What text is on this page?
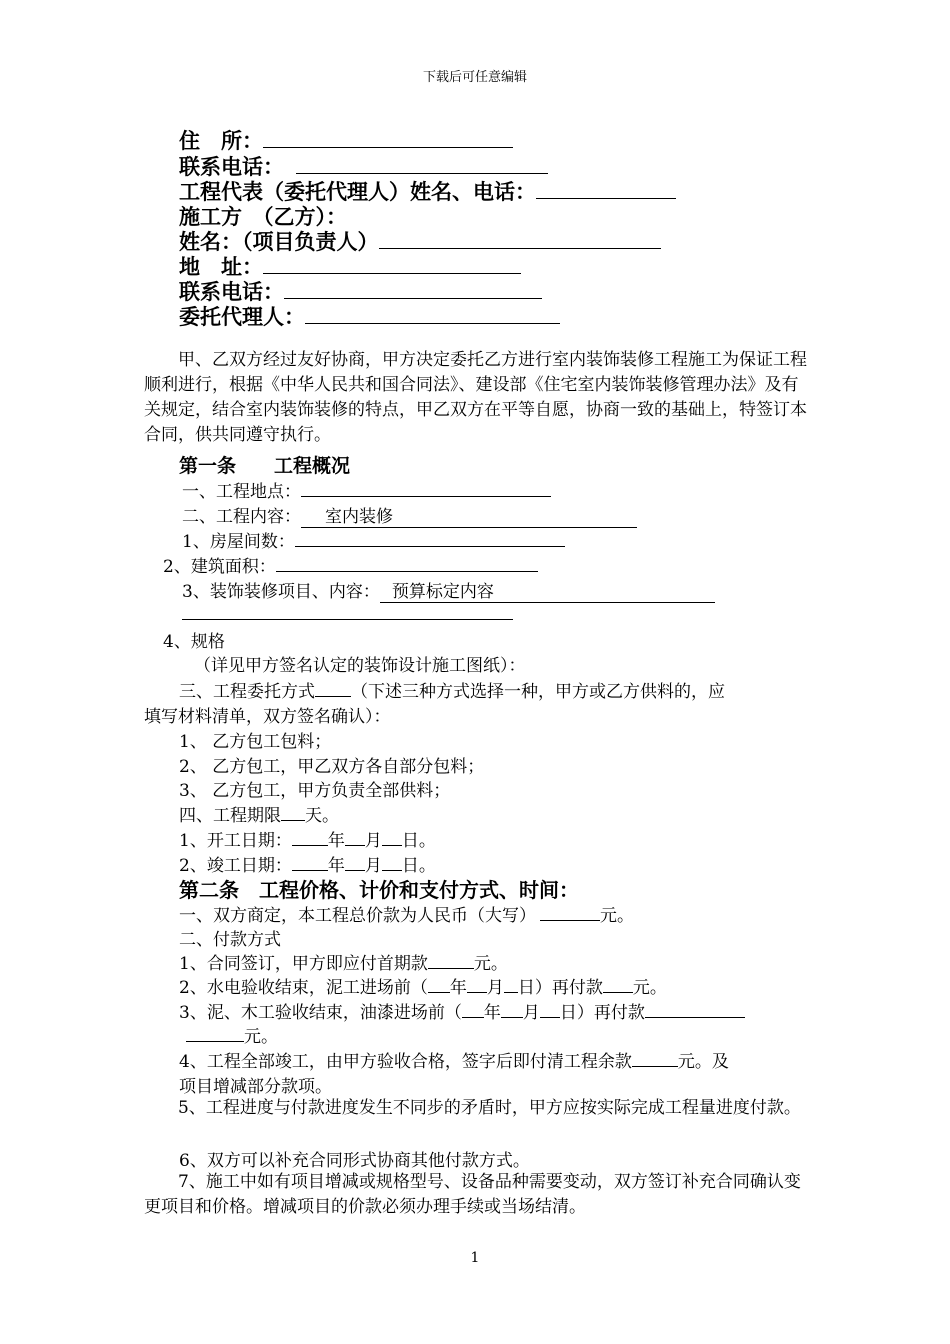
下载后可任意编辑
住　所：
联系电话：
工程代表（委托代理人）姓名、电话：
施工方　（乙方）：
姓名：（项目负责人）
地　址：
联系电话：
委托代理人：
甲、乙双方经过友好协商，甲方决定委托乙方进行室内装饰装修工程施工为保证工程顺利进行，根据《中华人民共和国合同法》、建设部《住宅室内装饰装修管理办法》及有关规定，结合室内装饰装修的特点，甲乙双方在平等自愿，协商一致的基础上，特签订本合同，供共同遵守执行。
第一条　　工程概况
一、工程地点：
二、工程内容： 室内装修
1、房屋间数：
2、建筑面积：
3、装饰装修项目、内容： 预算标定内容
4、规格
（详见甲方签名认定的装饰设计施工图纸）：
三、工程委托方式 （下述三种方式选择一种，甲方或乙方供料的，应
填写材料清单，双方签名确认）：
1、 乙方包工包料；
2、 乙方包工，甲乙双方各自部分包料；
3、 乙方包工，甲方负责全部供料；
四、工程期限 天。
1、开工日期： 年 月 日。
2、竣工日期： 年 月 日。
第二条　工程价格、计价和支付方式、时间：
一、双方商定，本工程总价款为人民币（大写）	元。
二、付款方式
1、合同签订，甲方即应付首期款	元。
2、水电验收结束，泥工进场前（ 年 月 日）再付款 元。
3、泥、木工验收结束，油漆进场前（ 年 月 日）再付款
元。
4、工程全部竣工，由甲方验收合格，签字后即付清工程余款	元。及
项目增减部分款项。
5、工程进度与付款进度发生不同步的矛盾时，甲方应按实际完成工程量进度付款。
6、双方可以补充合同形式协商其他付款方式。
7、施工中如有项目增减或规格型号、设备品种需要变动，双方签订补充合同确认变更项目和价格。增减项目的价款必须办理手续或当场结清。
1
